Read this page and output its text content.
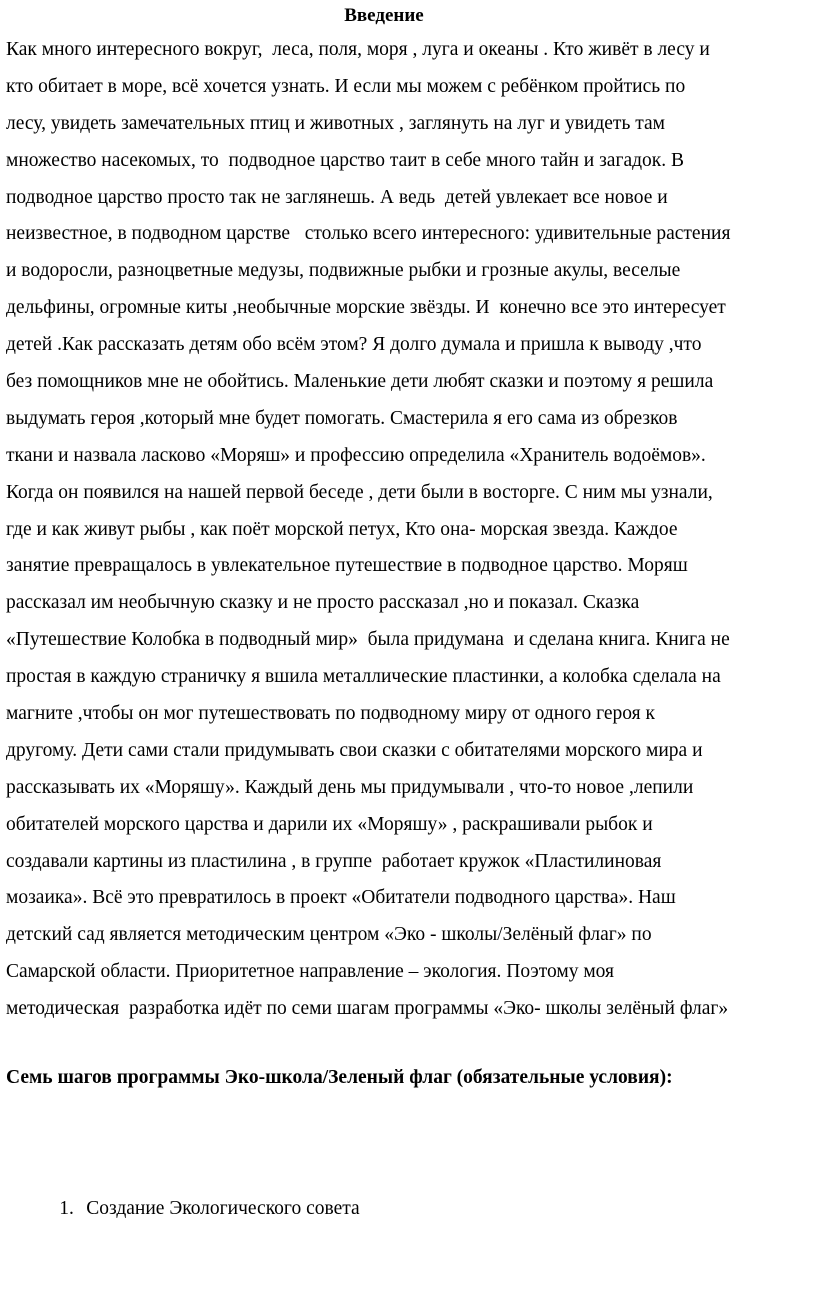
Введение
Как много интересного вокруг,  леса, поля, моря , луга и океаны . Кто живёт в лесу и
кто обитает в море, всё хочется узнать. И если мы можем с ребёнком пройтись по
лесу, увидеть замечательных птиц и животных , заглянуть на луг и увидеть там
множество насекомых, то  подводное царство таит в себе много тайн и загадок. В
подводное царство просто так не заглянешь. А ведь  детей увлекает все новое и
неизвестное, в подводном царстве   столько всего интересного: удивительные растения
и водоросли, разноцветные медузы, подвижные рыбки и грозные акулы, веселые
дельфины, огромные киты ,необычные морские звёзды. И  конечно все это интересует
детей .Как рассказать детям обо всём этом? Я долго думала и пришла к выводу ,что
без помощников мне не обойтись. Маленькие дети любят сказки и поэтому я решила
выдумать героя ,который мне будет помогать. Смастерила я его сама из обрезков
ткани и назвала ласково «Моряш» и профессию определила «Хранитель водоёмов».
Когда он появился на нашей первой беседе , дети были в восторге. С ним мы узнали,
где и как живут рыбы , как поёт морской петух, Кто она- морская звезда. Каждое
занятие превращалось в увлекательное путешествие в подводное царство. Моряш
рассказал им необычную сказку и не просто рассказал ,но и показал. Сказка
«Путешествие Колобка в подводный мир»  была придумана  и сделана книга. Книга не
простая в каждую страничку я вшила металлические пластинки, а колобка сделала на
магните ,чтобы он мог путешествовать по подводному миру от одного героя к
другому. Дети сами стали придумывать свои сказки с обитателями морского мира и
рассказывать их «Моряшу». Каждый день мы придумывали , что-то новое ,лепили
обитателей морского царства и дарили их «Моряшу» , раскрашивали рыбок и
создавали картины из пластилина , в группе  работает кружок «Пластилиновая
мозаика». Всё это превратилось в проект «Обитатели подводного царства». Наш
детский сад является методическим центром «Эко - школы/Зелёный флаг» по
Самарской области. Приоритетное направление – экология. Поэтому моя
методическая  разработка идёт по семи шагам программы «Эко- школы зелёный флаг»
Семь шагов программы Эко-школа/Зеленый флаг (обязательные условия):

1. Создание Экологического совета
